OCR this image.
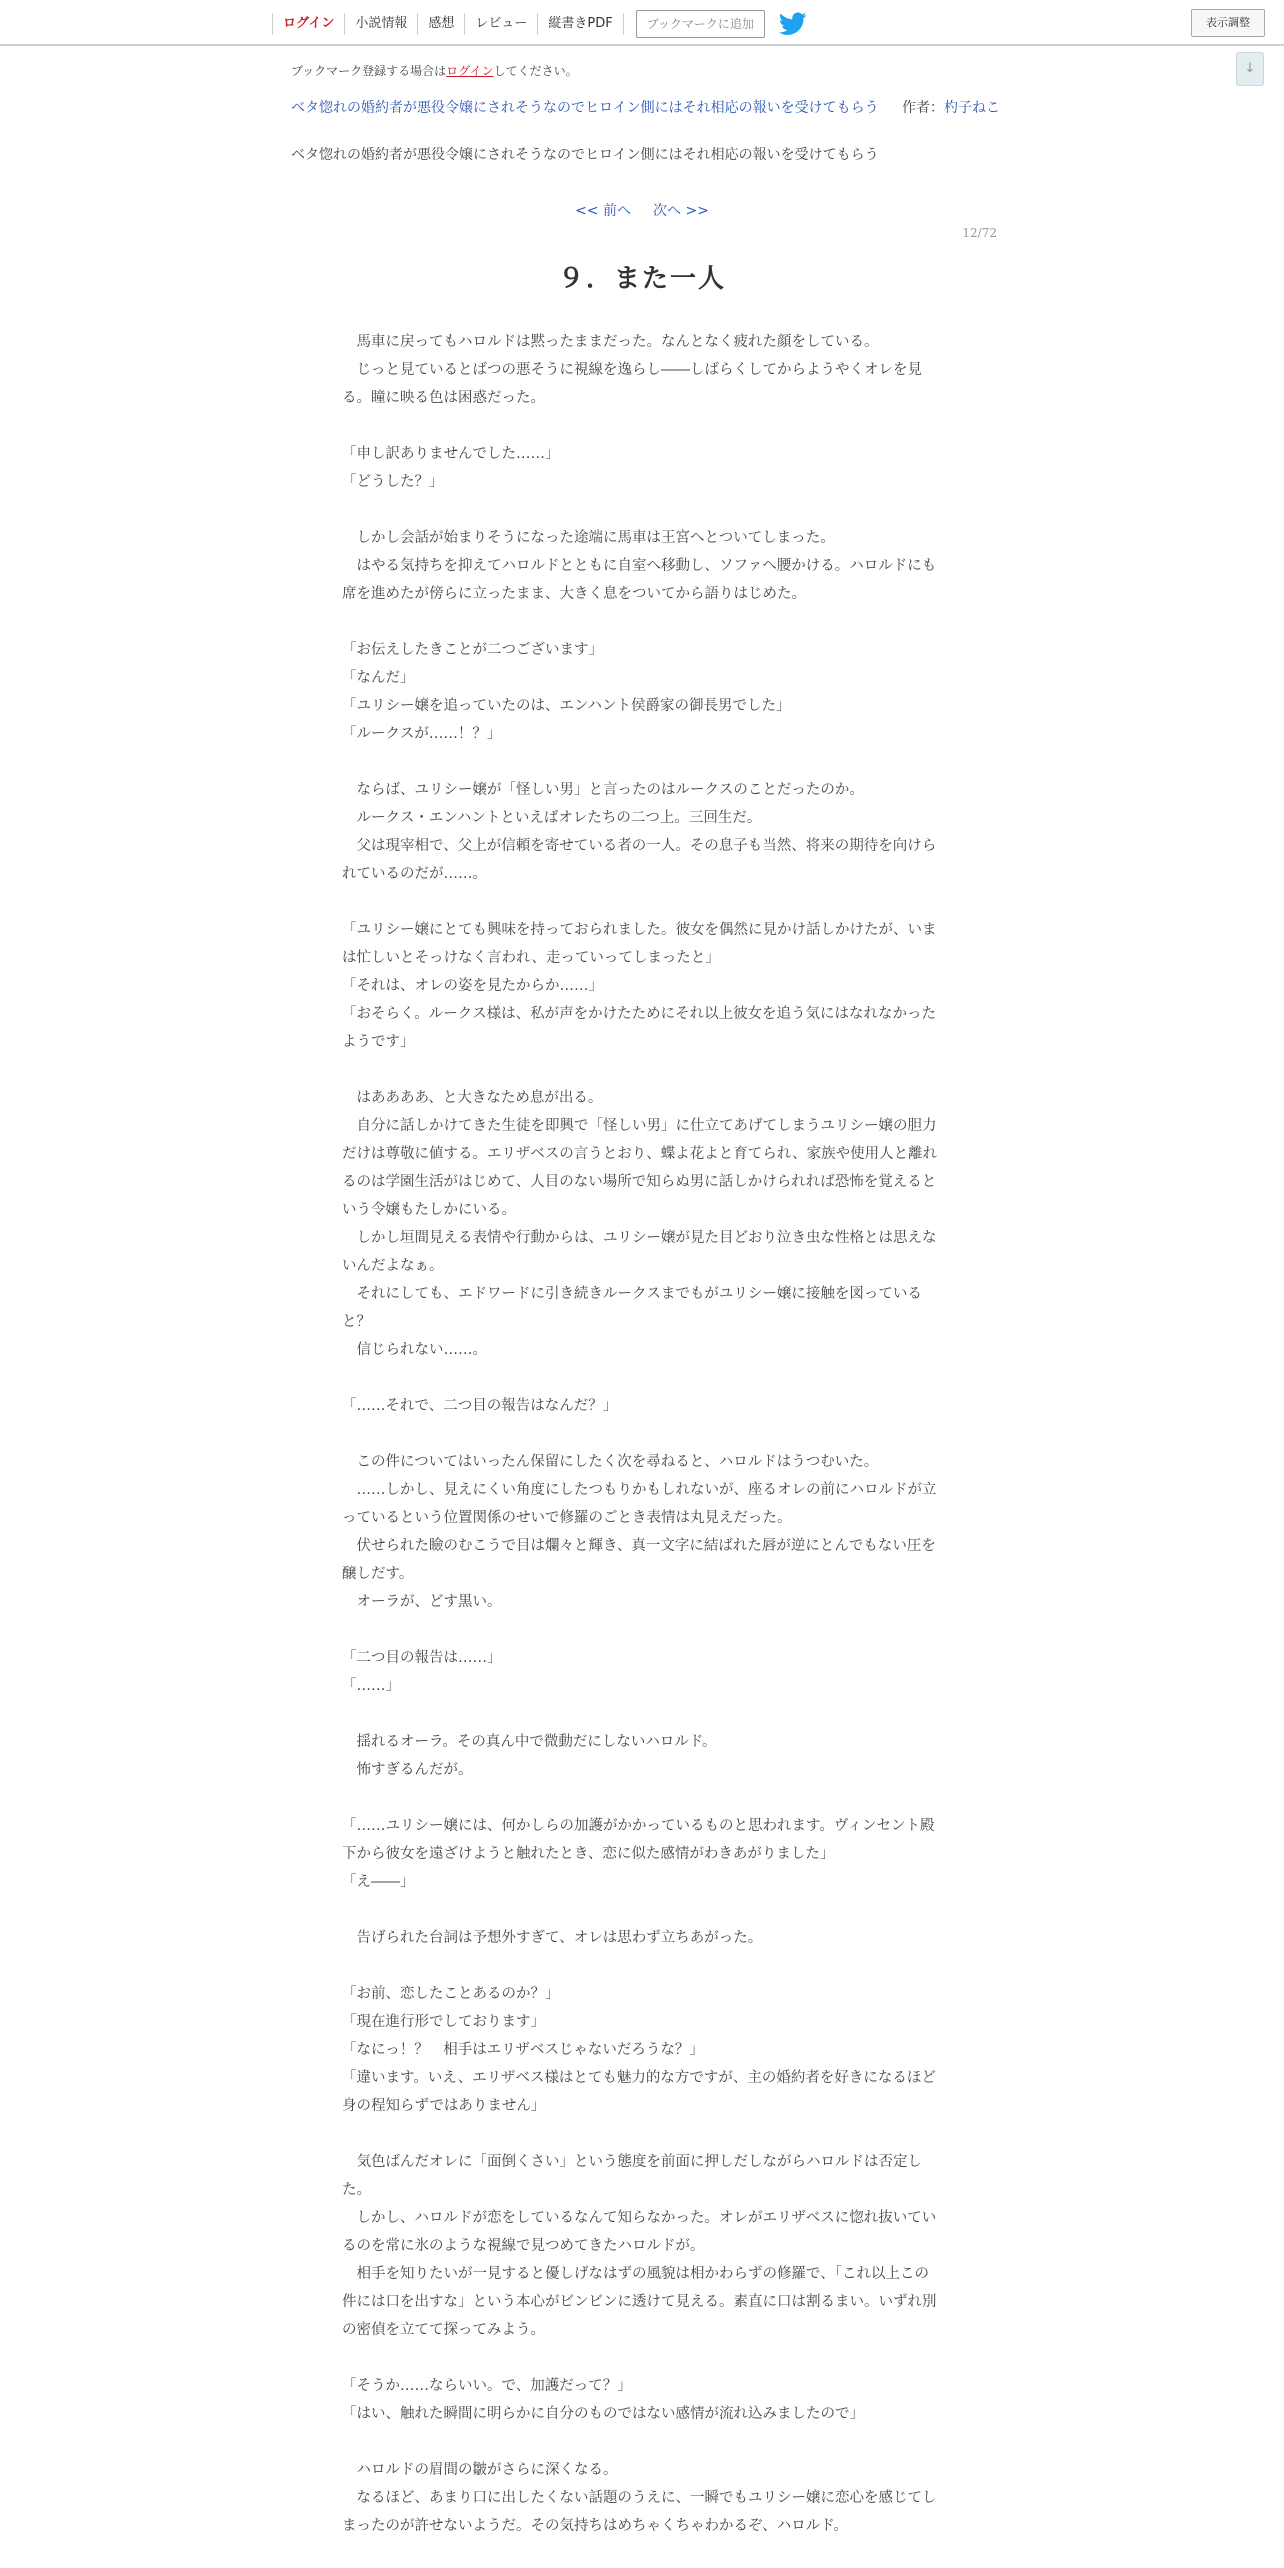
ログイン	小説情報	感想	レビュー	縦書きPDF	ブックマークに追加	表示調整
↓
ブックマーク登録する場合はログインしてください。
ベタ惚れの婚約者が悪役令嬢にされそうなのでヒロイン側にはそれ相応の報いを受けてもらう	作者：杓子ねこ
ベタ惚れの婚約者が悪役令嬢にされそうなのでヒロイン側にはそれ相応の報いを受けてもらう
<< 前へ 次へ >>
12/72
９．また一人

　馬車に戻ってもハロルドは黙ったままだった。なんとなく疲れた顔をしている。

　じっと見ているとばつの悪そうに視線を逸らし――しばらくしてからようやくオレを見る。瞳に映る色は困惑だった。

「申し訳ありませんでした……」

「どうした？」

　しかし会話が始まりそうになった途端に馬車は王宮へとついてしまった。

　はやる気持ちを抑えてハロルドとともに自室へ移動し、ソファへ腰かける。ハロルドにも席を進めたが傍らに立ったまま、大きく息をついてから語りはじめた。

「お伝えしたきことが二つございます」

「なんだ」

「ユリシー嬢を追っていたのは、エンハント侯爵家の御長男でした」

「ルークスが……！？」

　ならば、ユリシー嬢が「怪しい男」と言ったのはルークスのことだったのか。

　ルークス・エンハントといえばオレたちの二つ上。三回生だ。

　父は現宰相で、父上が信頼を寄せている者の一人。その息子も当然、将来の期待を向けられているのだが……。

「ユリシー嬢にとても興味を持っておられました。彼女を偶然に見かけ話しかけたが、いまは忙しいとそっけなく言われ、走っていってしまったと」

「それは、オレの姿を見たからか……」

「おそらく。ルークス様は、私が声をかけたためにそれ以上彼女を追う気にはなれなかったようです」

　はああああ、と大きなため息が出る。

　自分に話しかけてきた生徒を即興で「怪しい男」に仕立てあげてしまうユリシー嬢の胆力だけは尊敬に値する。エリザベスの言うとおり、蝶よ花よと育てられ、家族や使用人と離れるのは学園生活がはじめて、人目のない場所で知らぬ男に話しかけられれば恐怖を覚えるという令嬢もたしかにいる。

　しかし垣間見える表情や行動からは、ユリシー嬢が見た目どおり泣き虫な性格とは思えないんだよなぁ。

　それにしても、エドワードに引き続きルークスまでもがユリシー嬢に接触を図っていると？

　信じられない……。

「……それで、二つ目の報告はなんだ？」

　この件についてはいったん保留にしたく次を尋ねると、ハロルドはうつむいた。

　……しかし、見えにくい角度にしたつもりかもしれないが、座るオレの前にハロルドが立っているという位置関係のせいで修羅のごとき表情は丸見えだった。

　伏せられた瞼のむこうで目は爛々と輝き、真一文字に結ばれた唇が逆にとんでもない圧を醸しだす。

　オーラが、どす黒い。

「二つ目の報告は……」

「……」

　揺れるオーラ。その真ん中で微動だにしないハロルド。

　怖すぎるんだが。

「……ユリシー嬢には、何かしらの加護がかかっているものと思われます。ヴィンセント殿下から彼女を遠ざけようと触れたとき、恋に似た感情がわきあがりました」

「え――」

　告げられた台詞は予想外すぎて、オレは思わず立ちあがった。

「お前、恋したことあるのか？」

「現在進行形でしております」

「なにっ！？　相手はエリザベスじゃないだろうな？」

「違います。いえ、エリザベス様はとても魅力的な方ですが、主の婚約者を好きになるほど身の程知らずではありません」

　気色ばんだオレに「面倒くさい」という態度を前面に押しだしながらハロルドは否定した。

　しかし、ハロルドが恋をしているなんて知らなかった。オレがエリザベスに惚れ抜いているのを常に氷のような視線で見つめてきたハロルドが。

　相手を知りたいが一見すると優しげなはずの風貌は相かわらずの修羅で、「これ以上この件には口を出すな」という本心がビンビンに透けて見える。素直に口は割るまい。いずれ別の密偵を立てて探ってみよう。

「そうか……ならいい。で、加護だって？」

「はい、触れた瞬間に明らかに自分のものではない感情が流れ込みましたので」

　ハロルドの眉間の皺がさらに深くなる。

　なるほど、あまり口に出したくない話題のうえに、一瞬でもユリシー嬢に恋心を感じてしまったのが許せないようだ。その気持ちはめちゃくちゃわかるぞ、ハロルド。
